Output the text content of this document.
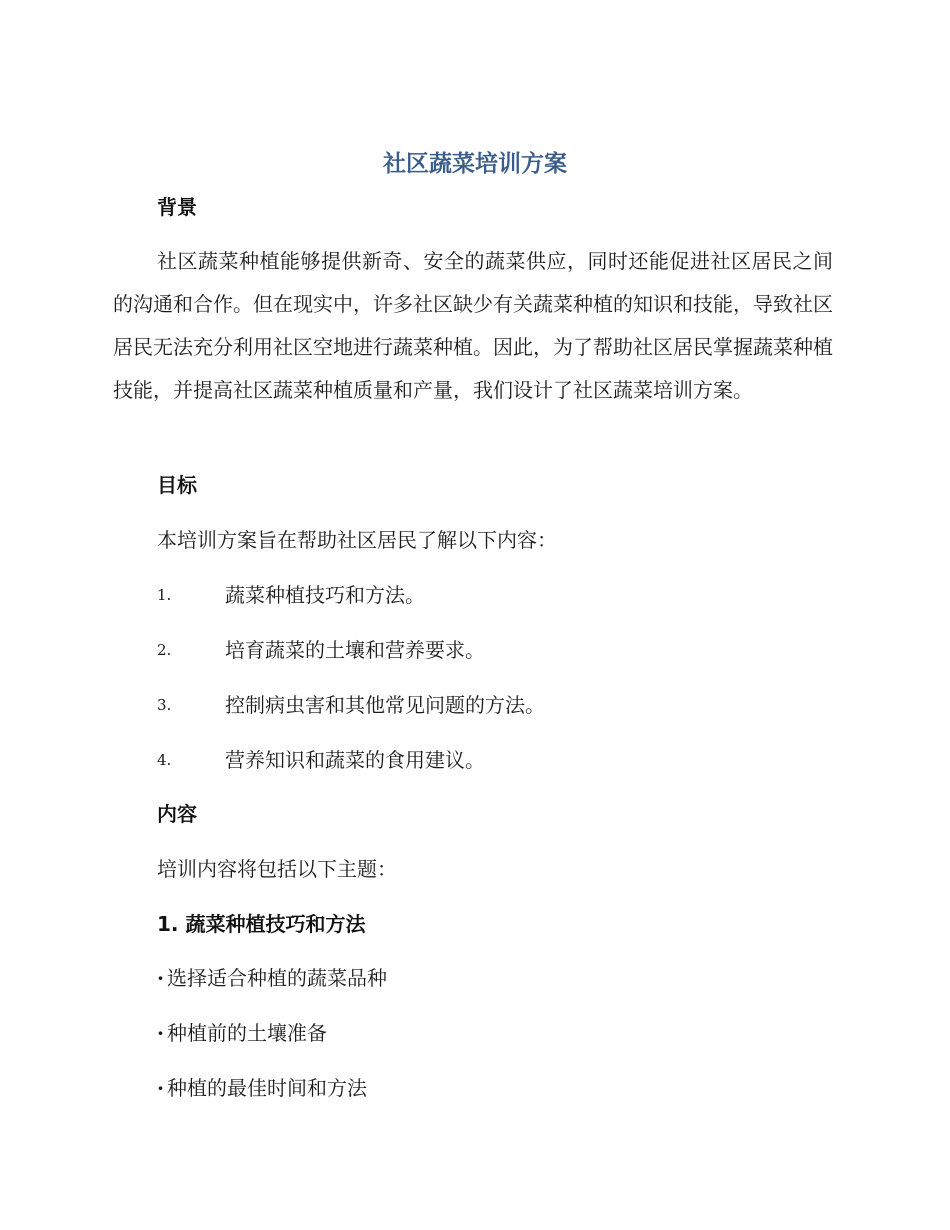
社区蔬菜培训方案
背景

社区蔬菜种植能够提供新奇、安全的蔬菜供应，同时还能促进社区居民之间的沟通和合作。但在现实中，许多社区缺少有关蔬菜种植的知识和技能，导致社区居民无法充分利用社区空地进行蔬菜种植。因此，为了帮助社区居民掌握蔬菜种植技能，并提高社区蔬菜种植质量和产量，我们设计了社区蔬菜培训方案。

目标

本培训方案旨在帮助社区居民了解以下内容：

1.	蔬菜种植技巧和方法。
2.	培育蔬菜的土壤和营养要求。
3.	控制病虫害和其他常见问题的方法。
4.	营养知识和蔬菜的食用建议。
内容

培训内容将包括以下主题：

1. 蔬菜种植技巧和方法
· 选择适合种植的蔬菜品种
· 种植前的土壤准备
· 种植的最佳时间和方法
